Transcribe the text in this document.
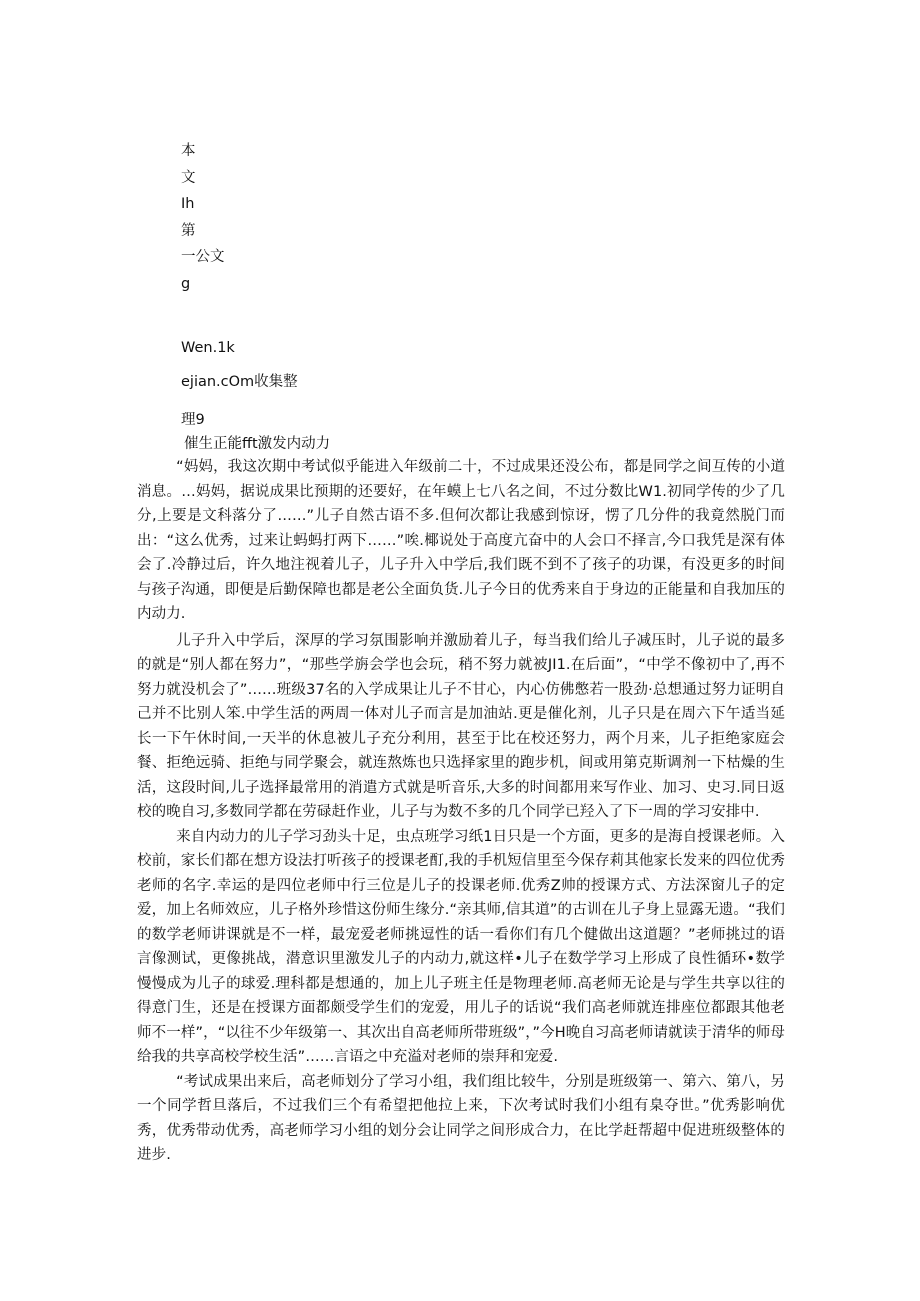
本
文
Ih
第
一公文
g
Wen.1k
ejian.cOm收集整
理9
催生正能fft激发内动力

“妈妈，我这次期中考试似乎能进入年级前二十，不过成果还没公布，都是同学之间互传的小道消息。…妈妈，据说成果比预期的还要好，在年蟆上七八名之间，不过分数比W1.初同学传的少了几分,上要是文科落分了……”儿子自然古语不多.但何次都让我感到惊讶，愣了几分件的我竟然脱门而出：“这么优秀，过来让蚂蚂打两下……”唉.椰说处于高度亢奋中的人会口不择言,今口我凭是深有体会了.冷静过后，许久地注视着儿子，儿子升入中学后,我们既不到不了孩子的功课，有没更多的时间与孩子沟通，即便是后勤保障也都是老公全面负货.儿子今日的优秀来自于身边的正能量和自我加压的内动力.

儿子升入中学后，深厚的学习氛围影响并激励着儿子，每当我们给儿子减压时，儿子说的最多的就是“别人都在努力”，“那些学旃会学也会玩，稍不努力就被JI1.在后面”，“中学不像初中了,再不努力就没机会了”……班级37名的入学成果让儿子不甘心，内心仿佛憋若一股劲·总想通过努力证明自己并不比别人笨.中学生活的两周一体对儿子而言是加油站.更是催化剂，儿子只是在周六下午适当延长一下午休时间,一天半的休息被儿子充分利用，甚至于比在校还努力，两个月来，儿子拒绝家庭会餐、拒绝远骑、拒绝与同学聚会，就连熬炼也只选择家里的跑步机，间或用第克斯调剂一下枯燥的生活，这段时间,儿子选择最常用的消遣方式就是听音乐,大多的时间都用来写作业、加习、史习.同日返校的晚自习,多数同学都在劳碌赶作业，儿子与为数不多的几个同学已羟入了下一周的学习安排中.

来自内动力的儿子学习劲头十足，虫点班学习纸1日只是一个方面，更多的是海自授课老师。入校前，家长们都在想方设法打听孩子的授课老酊,我的手机短信里至今保存莉其他家长发来的四位优秀老师的名字.幸运的是四位老师中行三位是儿子的投课老师.优秀Z帅的授课方式、方法深窗儿子的定爱，加上名师效应，儿子格外珍惜这份师生缘分.“亲其师,信其道”的古训在儿子身上显露无遗。“我们的数学老师讲课就是不一样，最宠爱老师挑逗性的话一看你们有几个健做出这道题？”老师挑过的语言像测试，更像挑战，潜意识里激发儿子的内动力,就这样•儿子在数学学习上形成了良性循环•数学慢慢成为儿子的球爱.理科都是想通的，加上儿子班主任是物理老师.高老师无论是与学生共享以往的得意门生，还是在授课方面都颇受学生们的宠爱，用儿子的话说“我们高老师就连排座位都跟其他老师不一样”，“以往不少年级第一、其次出自高老师所带班级”，”今H晚自习高老师请就读于清华的师母给我的共享高校学校生活”……言语之中充溢对老师的崇拜和宠爱.

“考试成果出来后，高老师划分了学习小组，我们组比较牛，分别是班级第一、第六、第八，另一个同学哲旦落后，不过我们三个有希望把他拉上来，下次考试时我们小组有臬夺世。”优秀影响优秀，优秀带动优秀，高老师学习小组的划分会让同学之间形成合力，在比学赶帮超中促进班级整体的进步.
